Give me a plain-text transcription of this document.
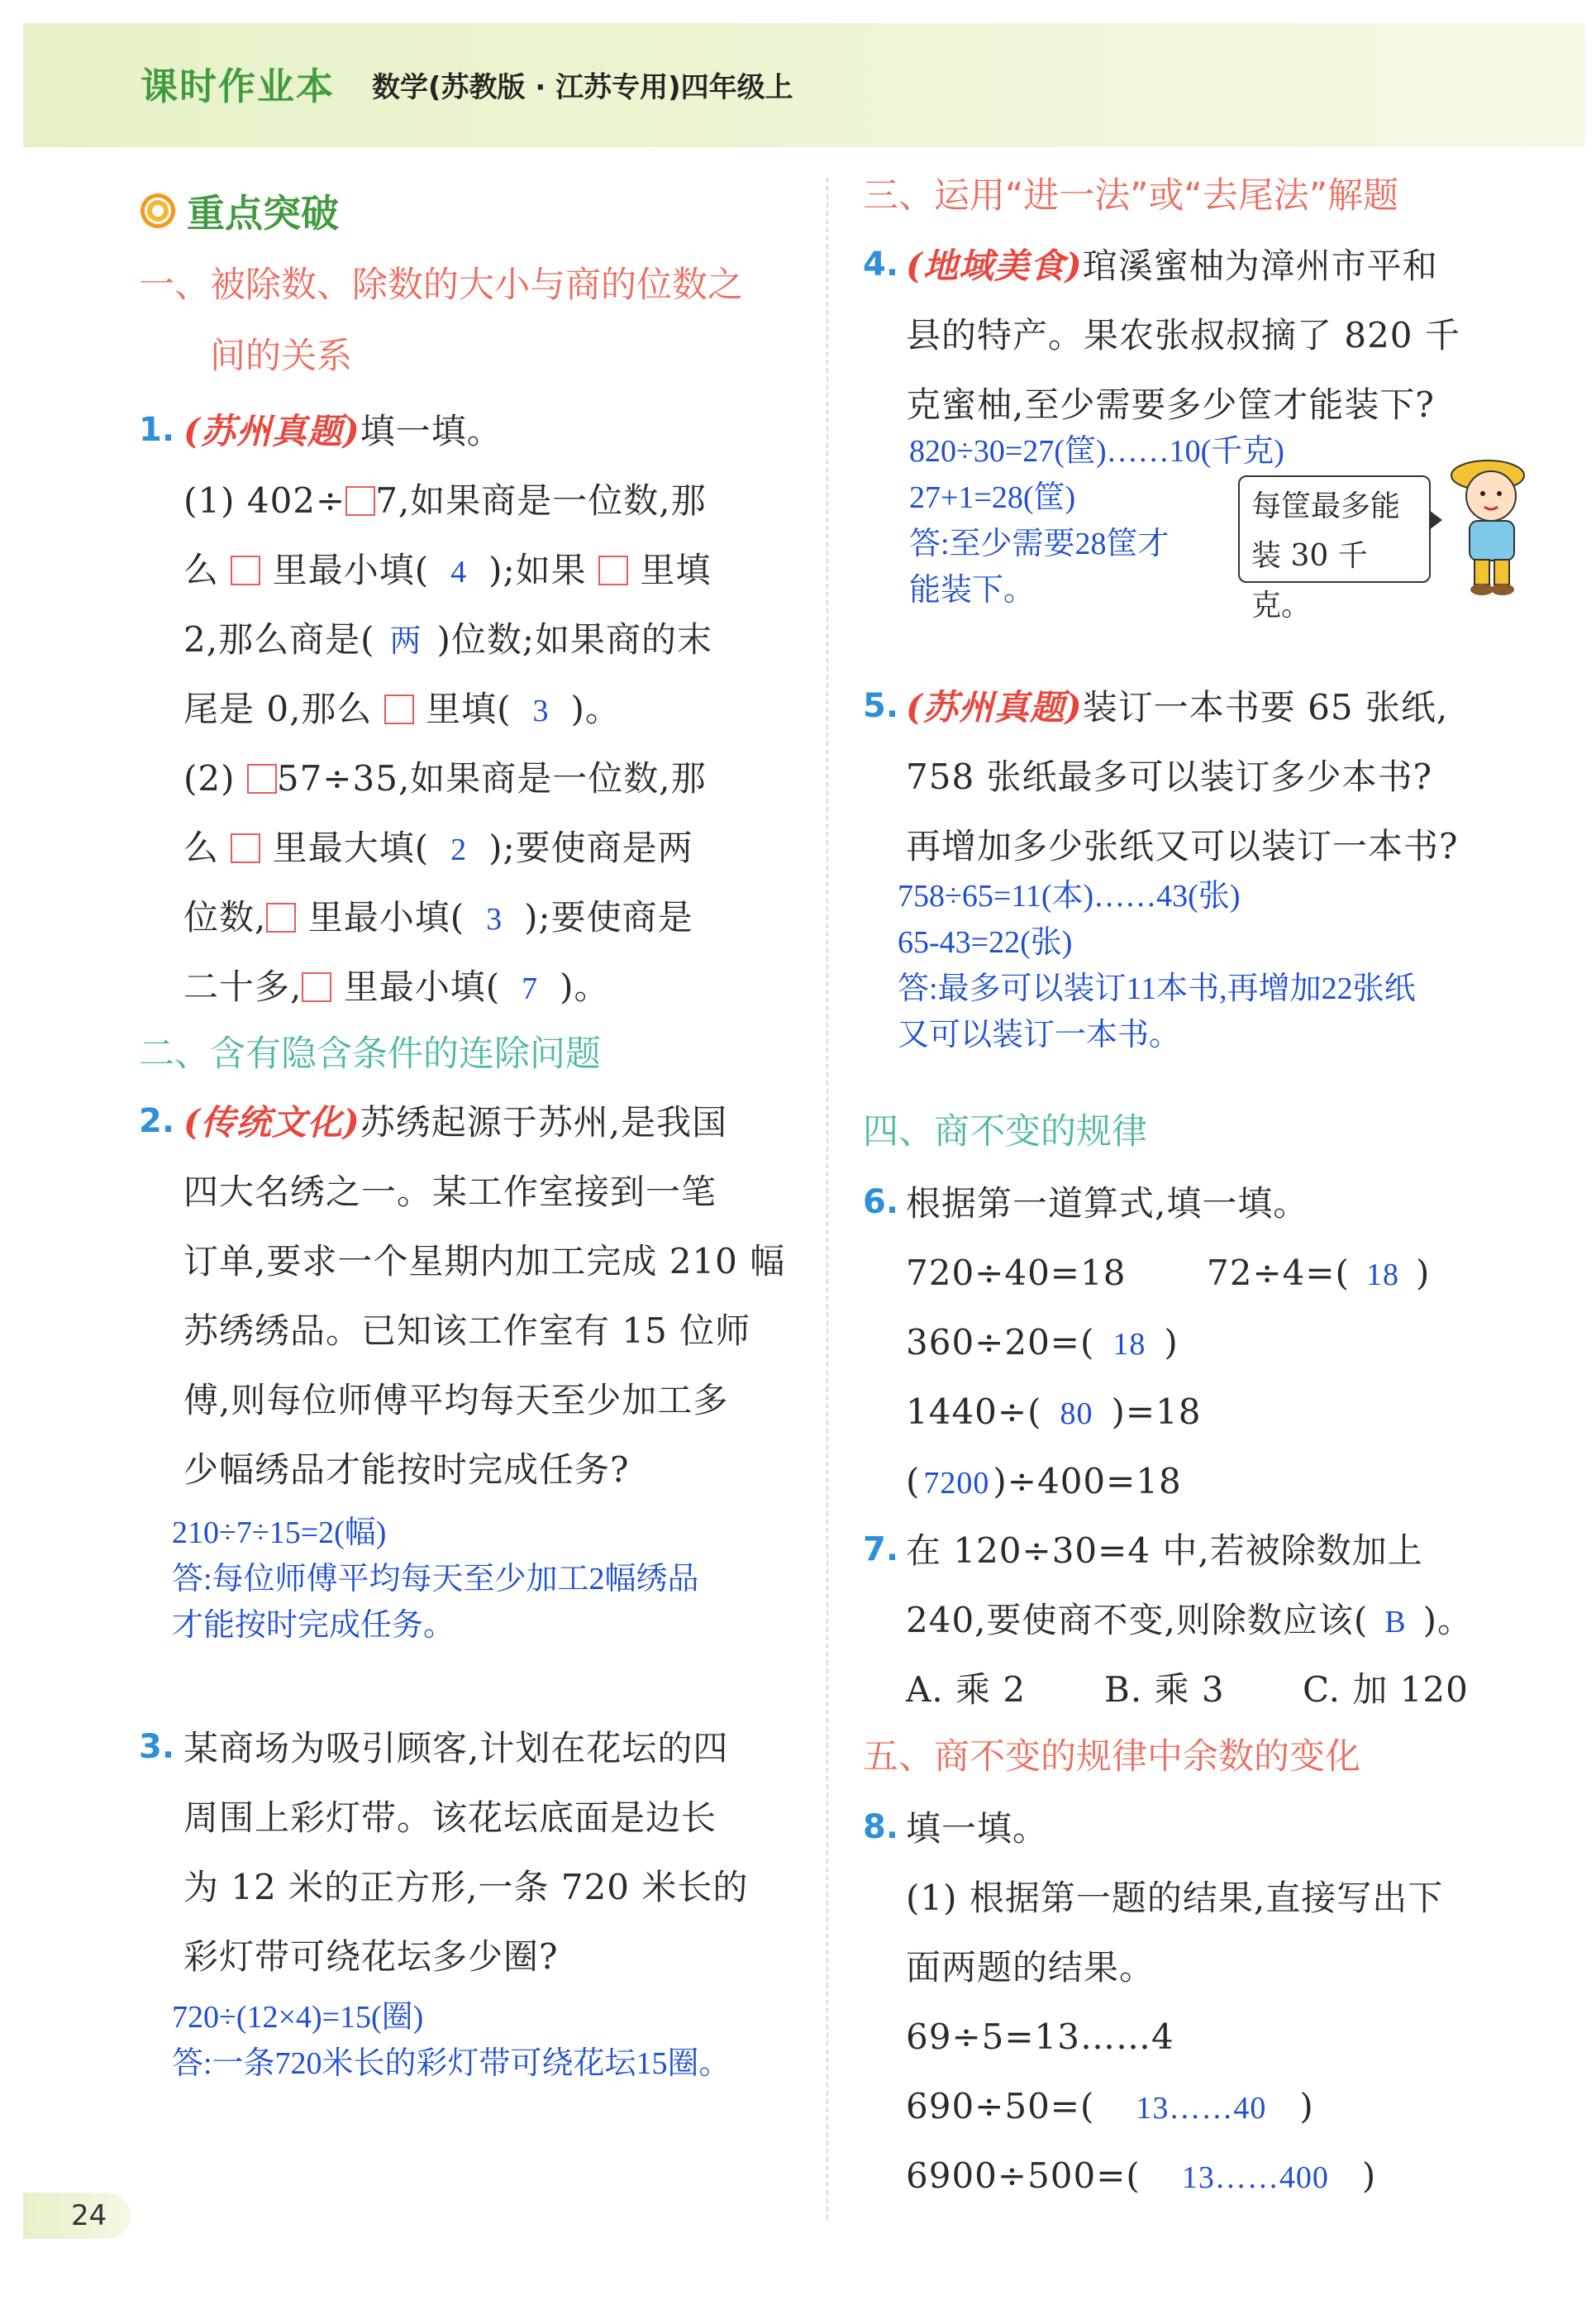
课时作业本 数学(苏教版 · 江苏专用)四年级上
重点突破
一、被除数、除数的大小与商的位数之
间的关系
1. (苏州真题)填一填。
(1) 402÷ 7,如果商是一位数,那
么 里最小填( 4 );如果 里填
2,那么商是( 两 )位数;如果商的末
尾是 0,那么 里填( 3 )。
(2) 57÷35,如果商是一位数,那
么 里最大填( 2 );要使商是两
位数, 里最小填( 3 );要使商是
二十多, 里最小填( 7 )。
二、含有隐含条件的连除问题
2. (传统文化)苏绣起源于苏州,是我国
四大名绣之一。某工作室接到一笔
订单,要求一个星期内加工完成 210 幅
苏绣绣品。已知该工作室有 15 位师
傅,则每位师傅平均每天至少加工多
少幅绣品才能按时完成任务?
210÷7÷15=2(幅)
答:每位师傅平均每天至少加工2幅绣品
才能按时完成任务。
3. 某商场为吸引顾客,计划在花坛的四
周围上彩灯带。该花坛底面是边长
为 12 米的正方形,一条 720 米长的
彩灯带可绕花坛多少圈?
720÷(12×4)=15(圈)
答:一条720米长的彩灯带可绕花坛15圈。
三、运用“进一法”或“去尾法”解题
4. (地域美食)琯溪蜜柚为漳州市平和
县的特产。果农张叔叔摘了 820 千
克蜜柚,至少需要多少筐才能装下?
820÷30=27(筐)……10(千克)
27+1=28(筐)
答:至少需要28筐才
能装下。
每筐最多能
装 30 千克。
5. (苏州真题)装订一本书要 65 张纸,
758 张纸最多可以装订多少本书?
再增加多少张纸又可以装订一本书?
758÷65=11(本)……43(张)
65-43=22(张)
答:最多可以装订11本书,再增加22张纸
又可以装订一本书。
四、商不变的规律
6. 根据第一道算式,填一填。
720÷40=18 72÷4=( 18 )
360÷20=( 18 )
1440÷( 80 )=18
( 7200)÷400=18
7. 在 120÷30=4 中,若被除数加上
240,要使商不变,则除数应该( B )。
A. 乘 2 B. 乘 3 C. 加 120
五、商不变的规律中余数的变化
8. 填一填。
(1) 根据第一题的结果,直接写出下
面两题的结果。
69÷5=13……4
690÷50=( 13……40 )
6900÷500=( 13……400 )
24
